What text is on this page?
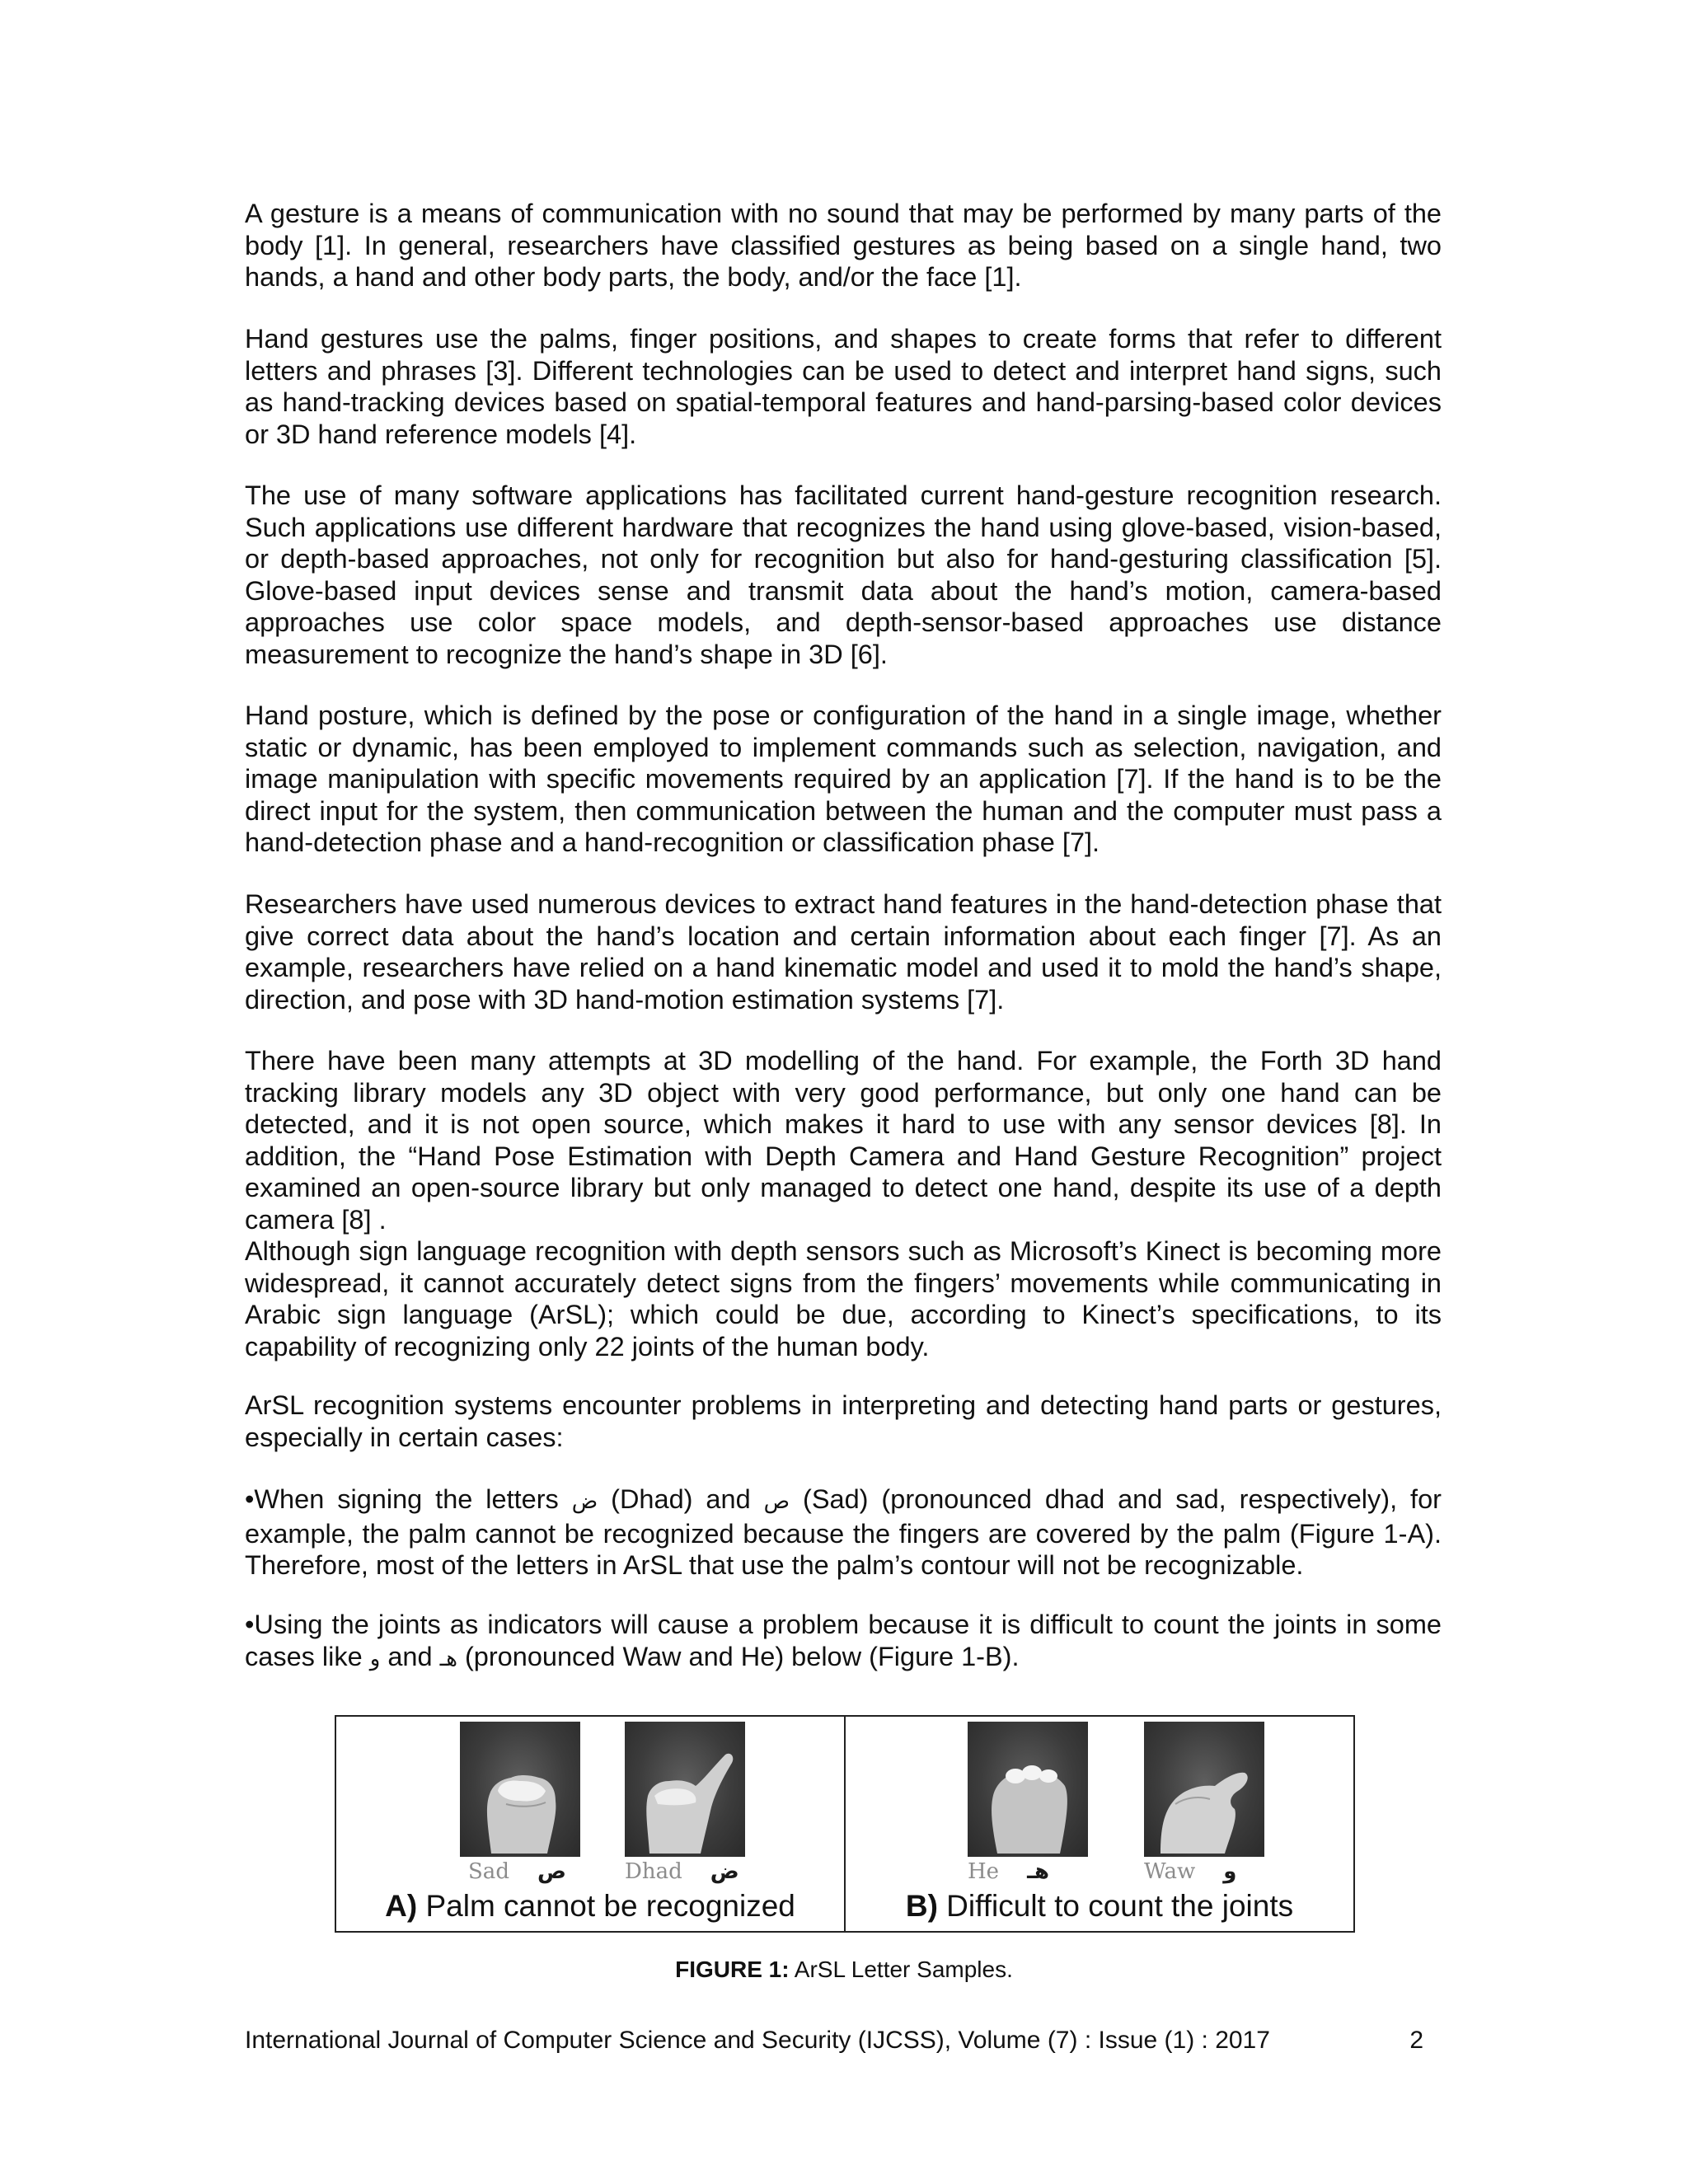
A gesture is a means of communication with no sound that may be performed by many parts of the body [1]. In general, researchers have classified gestures as being based on a single hand, two hands, a hand and other body parts, the body, and/or the face [1].

Hand gestures use the palms, finger positions, and shapes to create forms that refer to different letters and phrases [3]. Different technologies can be used to detect and interpret hand signs, such as hand-tracking devices based on spatial-temporal features and hand-parsing-based color devices or 3D hand reference models [4].

The use of many software applications has facilitated current hand-gesture recognition research. Such applications use different hardware that recognizes the hand using glove-based, vision-based, or depth-based approaches, not only for recognition but also for hand-gesturing classification [5]. Glove-based input devices sense and transmit data about the hand’s motion, camera-based approaches use color space models, and depth-sensor-based approaches use distance measurement to recognize the hand’s shape in 3D [6].

Hand posture, which is defined by the pose or configuration of the hand in a single image, whether static or dynamic, has been employed to implement commands such as selection, navigation, and image manipulation with specific movements required by an application [7]. If the hand is to be the direct input for the system, then communication between the human and the computer must pass a hand-detection phase and a hand-recognition or classification phase [7].

Researchers have used numerous devices to extract hand features in the hand-detection phase that give correct data about the hand’s location and certain information about each finger [7]. As an example, researchers have relied on a hand kinematic model and used it to mold the hand’s shape, direction, and pose with 3D hand-motion estimation systems [7].

There have been many attempts at 3D modelling of the hand. For example, the Forth 3D hand tracking library models any 3D object with very good performance, but only one hand can be detected, and it is not open source, which makes it hard to use with any sensor devices [8]. In addition, the “Hand Pose Estimation with Depth Camera and Hand Gesture Recognition” project examined an open-source library but only managed to detect one hand, despite its use of a depth camera [8] .

Although sign language recognition with depth sensors such as Microsoft’s Kinect is becoming more widespread, it cannot accurately detect signs from the fingers’ movements while communicating in Arabic sign language (ArSL); which could be due, according to Kinect’s specifications, to its capability of recognizing only 22 joints of the human body.

ArSL recognition systems encounter problems in interpreting and detecting hand parts or gestures, especially in certain cases:

•When signing the letters ض (Dhad) and ص (Sad) (pronounced dhad and sad, respectively), for example, the palm cannot be recognized because the fingers are covered by the palm (Figure 1-A). Therefore, most of the letters in ArSL that use the palm’s contour will not be recognizable.

•Using the joints as indicators will cause a problem because it is difficult to count the joints in some cases like و and هـ (pronounced Waw and He) below (Figure 1-B).

Sad ص	Dhad ض
A) Palm cannot be recognized
He هـ	Waw و
B) Difficult to count the joints
FIGURE 1: ArSL Letter Samples.
International Journal of Computer Science and Security (IJCSS), Volume (7) : Issue (1) : 2017	2
